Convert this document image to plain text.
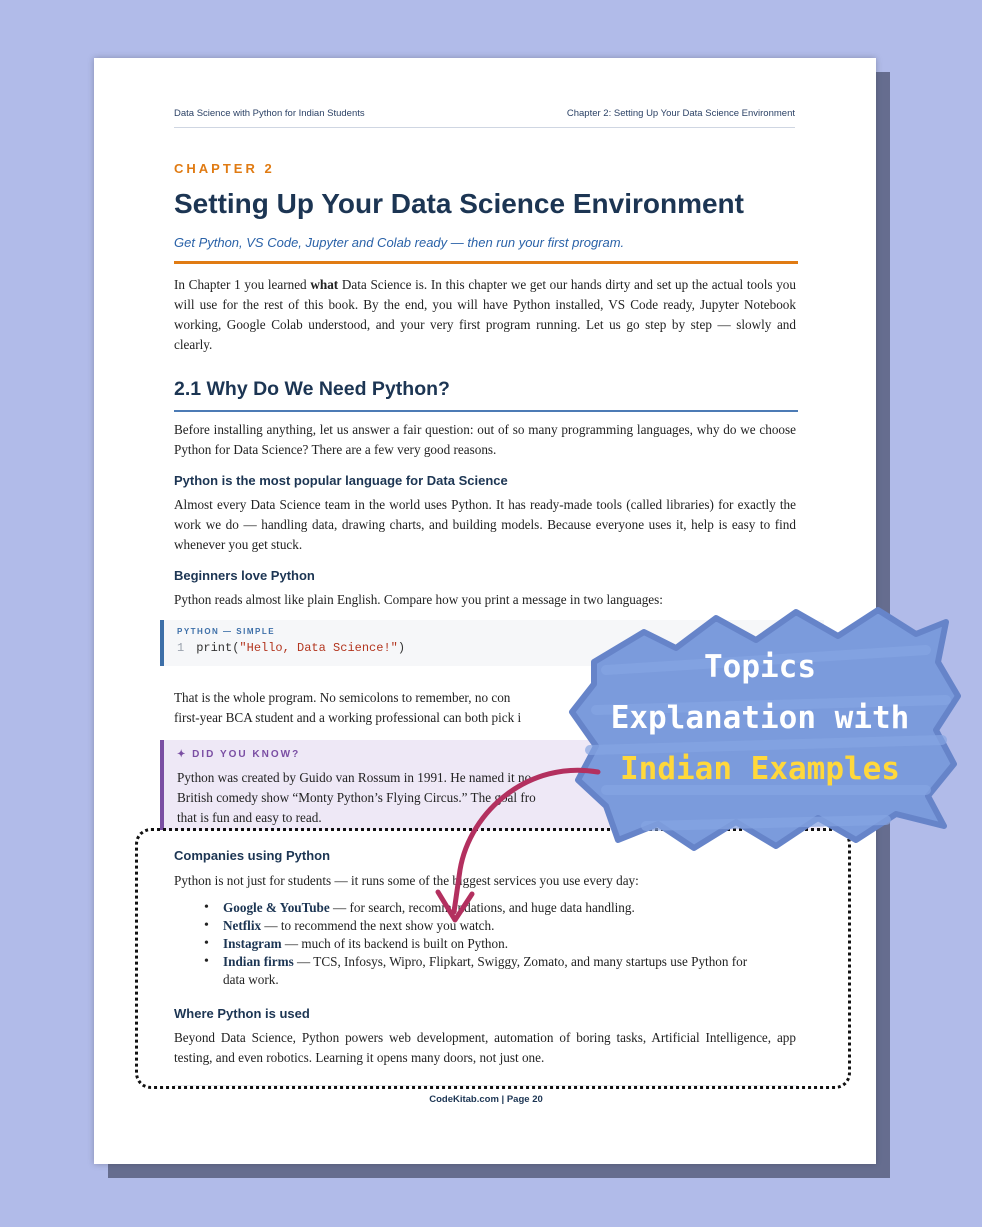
Data Science with Python for Indian Students	Chapter 2: Setting Up Your Data Science Environment
CHAPTER 2
Setting Up Your Data Science Environment
Get Python, VS Code, Jupyter and Colab ready — then run your first program.

In Chapter 1 you learned what Data Science is. In this chapter we get our hands dirty and set up the actual tools you will use for the rest of this book. By the end, you will have Python installed, VS Code ready, Jupyter Notebook working, Google Colab understood, and your very first program running. Let us go step by step — slowly and clearly.

2.1 Why Do We Need Python?

Before installing anything, let us answer a fair question: out of so many programming languages, why do we choose Python for Data Science? There are a few very good reasons.

Python is the most popular language for Data Science

Almost every Data Science team in the world uses Python. It has ready-made tools (called libraries) for exactly the work we do — handling data, drawing charts, and building models. Because everyone uses it, help is easy to find whenever you get stuck.

Beginners love Python

Python reads almost like plain English. Compare how you print a message in two languages:

PYTHON — SIMPLE
1 print("Hello, Data Science!")

That is the whole program. No semicolons to remember, no con

first-year BCA student and a working professional can both pick i

✦ DID YOU KNOW?
Python was created by Guido van Rossum in 1991. He named it no
British comedy show “Monty Python’s Flying Circus.” The goal fro
that is fun and easy to read.
Companies using Python

Python is not just for students — it runs some of the biggest services you use every day:

• Google & YouTube — for search, recommendations, and huge data handling.
• Netflix — to recommend the next show you watch.
• Instagram — much of its backend is built on Python.
• Indian firms — TCS, Infosys, Wipro, Flipkart, Swiggy, Zomato, and many startups use Python for data work.
Where Python is used

Beyond Data Science, Python powers web development, automation of boring tasks, Artificial Intelligence, app testing, and even robotics. Learning it opens many doors, not just one.

CodeKitab.com | Page 20
Topics
Explanation with
Indian Examples
